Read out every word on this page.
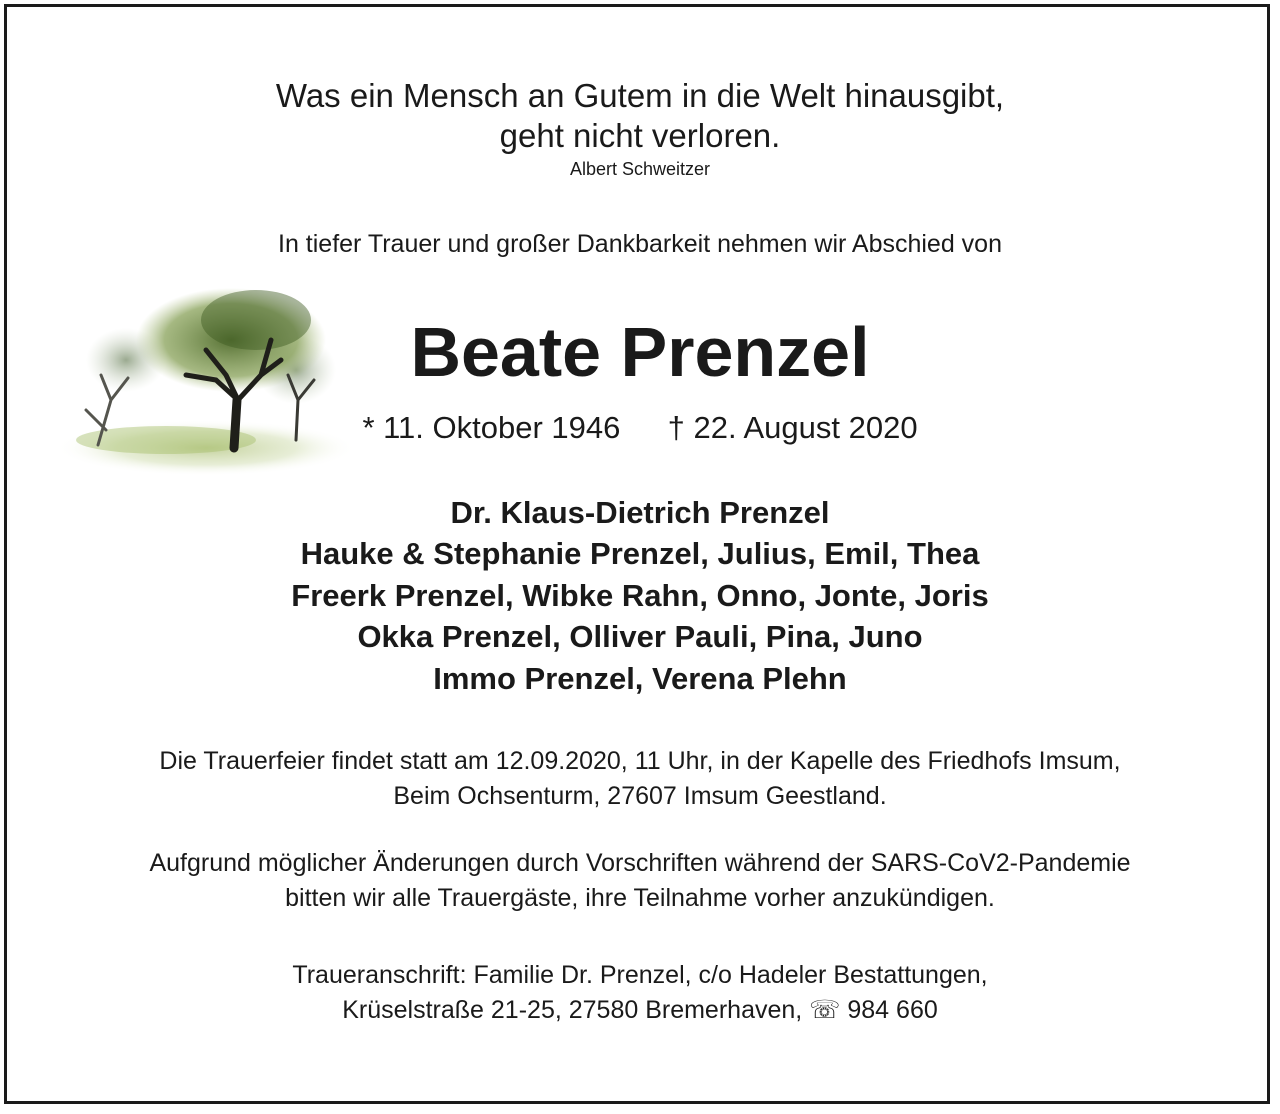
Was ein Mensch an Gutem in die Welt hinausgibt,
geht nicht verloren.
Albert Schweitzer
In tiefer Trauer und großer Dankbarkeit nehmen wir Abschied von
Beate Prenzel
* 11. Oktober 1946 † 22. August 2020
Dr. Klaus-Dietrich Prenzel
Hauke & Stephanie Prenzel, Julius, Emil, Thea
Freerk Prenzel, Wibke Rahn, Onno, Jonte, Joris
Okka Prenzel, Olliver Pauli, Pina, Juno
Immo Prenzel, Verena Plehn
Die Trauerfeier findet statt am 12.09.2020, 11 Uhr, in der Kapelle des Friedhofs Imsum,
Beim Ochsenturm, 27607 Imsum Geestland.
Aufgrund möglicher Änderungen durch Vorschriften während der SARS-CoV2-Pandemie
bitten wir alle Trauergäste, ihre Teilnahme vorher anzukündigen.
Traueranschrift: Familie Dr. Prenzel, c/o Hadeler Bestattungen,
Krüselstraße 21-25, 27580 Bremerhaven, ☏ 984 660
